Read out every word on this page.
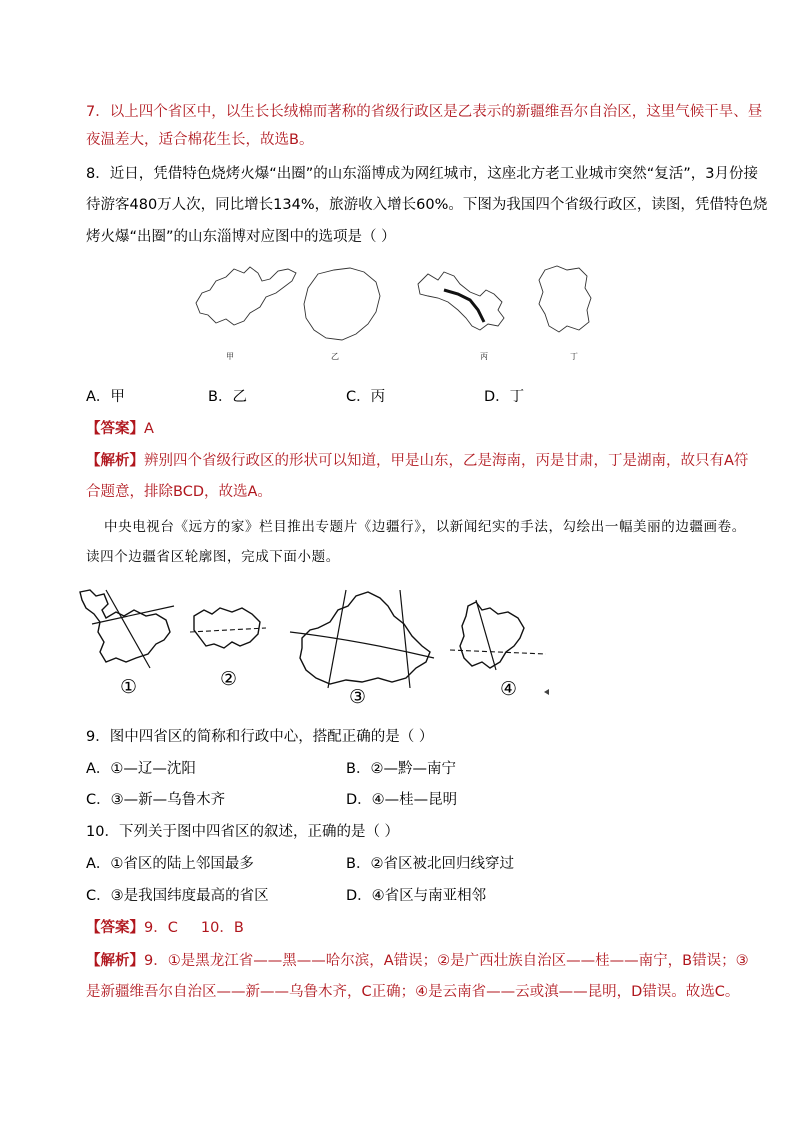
7．以上四个省区中，以生长长绒棉而著称的省级行政区是乙表示的新疆维吾尔自治区，这里气候干旱、昼
夜温差大，适合棉花生长，故选B。
8．近日，凭借特色烧烤火爆“出圈”的山东淄博成为网红城市，这座北方老工业城市突然“复活”，3月份接
待游客480万人次，同比增长134%，旅游收入增长60%。下图为我国四个省级行政区，读图，凭借特色烧
烤火爆“出圈”的山东淄博对应图中的选项是（ ）
甲	乙	丙	丁
A．甲	B．乙	C．丙	D．丁
【答案】A
【解析】辨别四个省级行政区的形状可以知道，甲是山东，乙是海南，丙是甘肃，丁是湖南，故只有A符
合题意，排除BCD，故选A。
中央电视台《远方的家》栏目推出专题片《边疆行》，以新闻纪实的手法，勾绘出一幅美丽的边疆画卷。
读四个边疆省区轮廓图，完成下面小题。
①	②
③	④
9．图中四省区的简称和行政中心，搭配正确的是（ ）
A．①—辽—沈阳	B．②—黔—南宁
C．③—新—乌鲁木齐	D．④—桂—昆明
10．下列关于图中四省区的叙述，正确的是（ ）
A．①省区的陆上邻国最多	B．②省区被北回归线穿过
C．③是我国纬度最高的省区	D．④省区与南亚相邻
【答案】9．C     10．B
【解析】9．①是黑龙江省——黑——哈尔滨，A错误；②是广西壮族自治区——桂——南宁，B错误；③
是新疆维吾尔自治区——新——乌鲁木齐，C正确；④是云南省——云或滇——昆明，D错误。故选C。
